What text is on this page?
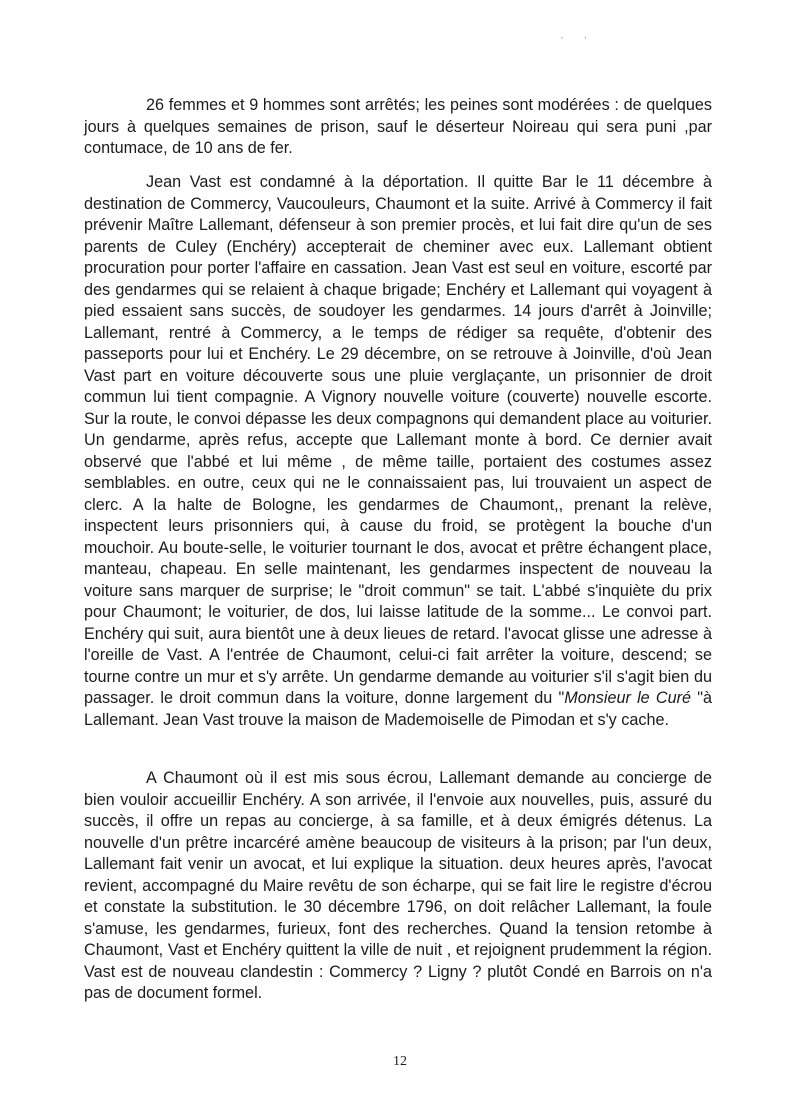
· ·

26 femmes et 9 hommes sont arrêtés; les peines sont modérées : de quelques jours à quelques semaines de prison, sauf le déserteur Noireau qui sera puni ,par contumace, de 10 ans de fer.

Jean Vast est condamné à la déportation. Il quitte Bar le 11 décembre à destination de Commercy, Vaucouleurs, Chaumont et la suite. Arrivé à Commercy il fait prévenir Maître Lallemant, défenseur à son premier procès, et lui fait dire qu'un de ses parents de Culey (Enchéry) accepterait de cheminer avec eux. Lallemant obtient procuration pour porter l'affaire en cassation. Jean Vast est seul en voiture, escorté par des gendarmes qui se relaient à chaque brigade; Enchéry et Lallemant qui voyagent à pied essaient sans succès, de soudoyer les gendarmes. 14 jours d'arrêt à Joinville; Lallemant, rentré à Commercy, a le temps de rédiger sa requête, d'obtenir des passeports pour lui et Enchéry. Le 29 décembre, on se retrouve à Joinville, d'où Jean Vast part en voiture découverte sous une pluie verglaçante, un prisonnier de droit commun lui tient compagnie. A Vignory nouvelle voiture (couverte) nouvelle escorte. Sur la route, le convoi dépasse les deux compagnons qui demandent place au voiturier. Un gendarme, après refus, accepte que Lallemant monte à bord. Ce dernier avait observé que l'abbé et lui même , de même taille, portaient des costumes assez semblables. en outre, ceux qui ne le connaissaient pas, lui trouvaient un aspect de clerc. A la halte de Bologne, les gendarmes de Chaumont,, prenant la relève, inspectent leurs prisonniers qui, à cause du froid, se protègent la bouche d'un mouchoir. Au boute-selle, le voiturier tournant le dos, avocat et prêtre échangent place, manteau, chapeau. En selle maintenant, les gendarmes inspectent de nouveau la voiture sans marquer de surprise; le "droit commun" se tait. L'abbé s'inquiète du prix pour Chaumont; le voiturier, de dos, lui laisse latitude de la somme... Le convoi part. Enchéry qui suit, aura bientôt une à deux lieues de retard. l'avocat glisse une adresse à l'oreille de Vast. A l'entrée de Chaumont, celui-ci fait arrêter la voiture, descend; se tourne contre un mur et s'y arrête. Un gendarme demande au voiturier s'il s'agit bien du passager. le droit commun dans la voiture, donne largement du "Monsieur le Curé "à Lallemant. Jean Vast trouve la maison de Mademoiselle de Pimodan et s'y cache.

A Chaumont où il est mis sous écrou, Lallemant demande au concierge de bien vouloir accueillir Enchéry. A son arrivée, il l'envoie aux nouvelles, puis, assuré du succès, il offre un repas au concierge, à sa famille, et à deux émigrés détenus. La nouvelle d'un prêtre incarcéré amène beaucoup de visiteurs à la prison; par l'un deux, Lallemant fait venir un avocat, et lui explique la situation. deux heures après, l'avocat revient, accompagné du Maire revêtu de son écharpe, qui se fait lire le registre d'écrou et constate la substitution. le 30 décembre 1796, on doit relâcher Lallemant, la foule s'amuse, les gendarmes, furieux, font des recherches. Quand la tension retombe à Chaumont, Vast et Enchéry quittent la ville de nuit , et rejoignent prudemment la région. Vast est de nouveau clandestin : Commercy ? Ligny ? plutôt Condé en Barrois on n'a pas de document formel.

12
